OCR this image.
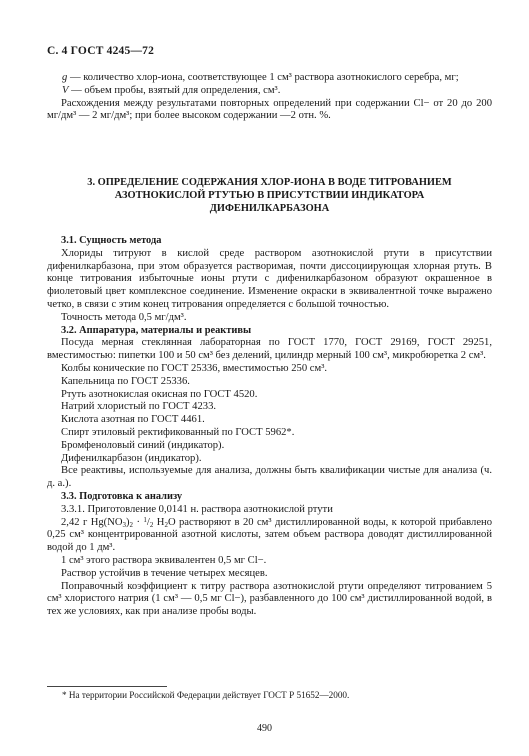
С. 4 ГОСТ 4245—72

g — количество хлор-иона, соответствующее 1 см³ раствора азотнокислого серебра, мг;

V — объем пробы, взятый для определения, см³.

Расхождения между результатами повторных определений при содержании Cl− от 20 до 200 мг/дм³ — 2 мг/дм³; при более высоком содержании —2 отн. %.

3. ОПРЕДЕЛЕНИЕ СОДЕРЖАНИЯ ХЛОР-ИОНА В ВОДЕ ТИТРОВАНИЕМ
АЗОТНОКИСЛОЙ РТУТЬЮ В ПРИСУТСТВИИ ИНДИКАТОРА
ДИФЕНИЛКАРБАЗОНА

3.1. Сущность метода

Хлориды титруют в кислой среде раствором азотнокислой ртути в присутствии дифенилкарбазона, при этом образуется растворимая, почти диссоциирующая хлорная ртуть. В конце титрования избыточные ионы ртути с дифенилкарбазоном образуют окрашенное в фиолетовый цвет комплексное соединение. Изменение окраски в эквивалентной точке выражено четко, в связи с этим конец титрования определяется с большой точностью.

Точность метода 0,5 мг/дм³.

3.2. Аппаратура, материалы и реактивы

Посуда мерная стеклянная лабораторная по ГОСТ 1770, ГОСТ 29169, ГОСТ 29251, вместимостью: пипетки 100 и 50 см³ без делений, цилиндр мерный 100 см³, микробюретка 2 см³.

Колбы конические по ГОСТ 25336, вместимостью 250 см³.

Капельница по ГОСТ 25336.

Ртуть азотнокислая окисная по ГОСТ 4520.

Натрий хлористый по ГОСТ 4233.

Кислота азотная по ГОСТ 4461.

Спирт этиловый ректификованный по ГОСТ 5962*.

Бромфеноловый синий (индикатор).

Дифенилкарбазон (индикатор).

Все реактивы, используемые для анализа, должны быть квалификации чистые для анализа (ч. д. а.).

3.3. Подготовка к анализу

3.3.1. Приготовление 0,0141 н. раствора азотнокислой ртути

2,42 г $Hg(NO_3)_2 \cdot ^1/_2$ $H_2O$ растворяют в 20 см³ дистиллированной воды, к которой прибавлено 0,25 см³ концентрированной азотной кислоты, затем объем раствора доводят дистиллированной водой до 1 дм³.

1 см³ этого раствора эквивалентен 0,5 мг Cl−.

Раствор устойчив в течение четырех месяцев.

Поправочный коэффициент к титру раствора азотнокислой ртути определяют титрованием 5 см³ хлористого натрия (1 см³ — 0,5 мг Cl−), разбавленного до 100 см³ дистиллированной водой, в тех же условиях, как при анализе пробы воды.

* На территории Российской Федерации действует ГОСТ Р 51652—2000.
490
